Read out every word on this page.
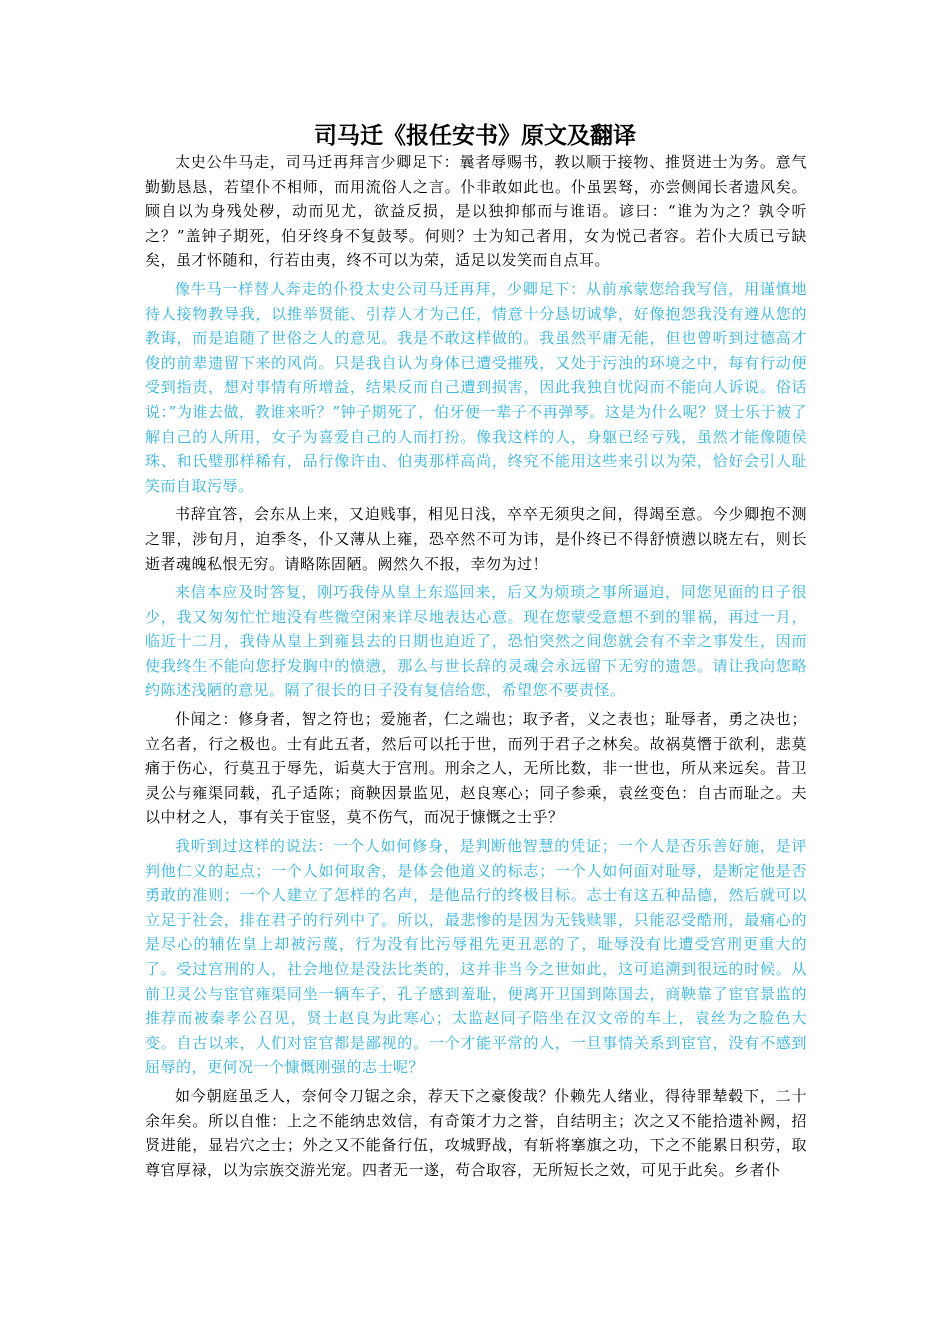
司马迁《报任安书》原文及翻译

太史公牛马走，司马迁再拜言少卿足下：曩者辱赐书，教以顺于接物、推贤进士为务。意气勤勤恳恳，若望仆不相师，而用流俗人之言。仆非敢如此也。仆虽罢驽，亦尝侧闻长者遗风矣。顾自以为身残处秽，动而见尤，欲益反损，是以独抑郁而与谁语。谚曰：“谁为为之？孰令听之？”盖钟子期死，伯牙终身不复鼓琴。何则？士为知己者用，女为悦己者容。若仆大质已亏缺矣，虽才怀随和，行若由夷，终不可以为荣，适足以发笑而自点耳。

像牛马一样替人奔走的仆役太史公司马迁再拜，少卿足下：从前承蒙您给我写信，用谨慎地待人接物教导我，以推举贤能、引荐人才为己任，情意十分恳切诚挚，好像抱怨我没有遵从您的教诲，而是追随了世俗之人的意见。我是不敢这样做的。我虽然平庸无能，但也曾听到过德高才俊的前辈遗留下来的风尚。只是我自认为身体已遭受摧残，又处于污浊的环境之中，每有行动便受到指责，想对事情有所增益，结果反而自己遭到损害，因此我独自忧闷而不能向人诉说。俗话说：”为谁去做，教谁来听？”钟子期死了，伯牙便一辈子不再弹琴。这是为什么呢？贤士乐于被了解自己的人所用，女子为喜爱自己的人而打扮。像我这样的人，身躯已经亏残，虽然才能像随侯珠、和氏璧那样稀有，品行像许由、伯夷那样高尚，终究不能用这些来引以为荣，恰好会引人耻笑而自取污辱。

书辞宜答，会东从上来，又迫贱事，相见日浅，卒卒无须臾之间，得竭至意。今少卿抱不测之罪，涉旬月，迫季冬，仆又薄从上雍，恐卒然不可为讳，是仆终已不得舒愤懑以晓左右，则长逝者魂魄私恨无穷。请略陈固陋。阙然久不报，幸勿为过！

来信本应及时答复，刚巧我侍从皇上东巡回来，后又为烦琐之事所逼迫，同您见面的日子很少，我又匆匆忙忙地没有些微空闲来详尽地表达心意。现在您蒙受意想不到的罪祸，再过一月，临近十二月，我侍从皇上到雍县去的日期也迫近了，恐怕突然之间您就会有不幸之事发生，因而使我终生不能向您抒发胸中的愤懑，那么与世长辞的灵魂会永远留下无穷的遗怨。请让我向您略约陈述浅陋的意见。隔了很长的日子没有复信给您，希望您不要责怪。

仆闻之：修身者，智之符也；爱施者，仁之端也；取予者，义之表也；耻辱者，勇之决也；立名者，行之极也。士有此五者，然后可以托于世，而列于君子之林矣。故祸莫憯于欲利，悲莫痛于伤心，行莫丑于辱先，诟莫大于宫刑。刑余之人，无所比数，非一世也，所从来远矣。昔卫灵公与雍渠同载，孔子适陈；商鞅因景监见，赵良寒心；同子参乘，袁丝变色：自古而耻之。夫以中材之人，事有关于宦竖，莫不伤气，而况于慷慨之士乎？

我听到过这样的说法：一个人如何修身，是判断他智慧的凭证；一个人是否乐善好施，是评判他仁义的起点；一个人如何取舍，是体会他道义的标志；一个人如何面对耻辱，是断定他是否勇敢的准则；一个人建立了怎样的名声，是他品行的终极目标。志士有这五种品德，然后就可以立足于社会，排在君子的行列中了。所以，最悲惨的是因为无钱赎罪，只能忍受酷刑，最痛心的是尽心的辅佐皇上却被污蔑，行为没有比污辱祖先更丑恶的了，耻辱没有比遭受宫刑更重大的了。受过宫刑的人，社会地位是没法比类的，这并非当今之世如此，这可追溯到很远的时候。从前卫灵公与宦官雍渠同坐一辆车子，孔子感到羞耻，便离开卫国到陈国去，商鞅靠了宦官景监的推荐而被秦孝公召见，贤士赵良为此寒心；太监赵同子陪坐在汉文帝的车上，袁丝为之脸色大变。自古以来，人们对宦官都是鄙视的。一个才能平常的人，一旦事情关系到宦官，没有不感到屈辱的，更何况一个慷慨刚强的志士呢？

如今朝庭虽乏人，奈何令刀锯之余，荐天下之豪俊哉？仆赖先人绪业，得待罪辇毂下，二十余年矣。所以自惟：上之不能纳忠效信，有奇策才力之誉，自结明主；次之又不能拾遗补阙，招贤进能，显岩穴之士；外之又不能备行伍，攻城野战，有斩将搴旗之功，下之不能累日积劳，取尊官厚禄，以为宗族交游光宠。四者无一遂，苟合取容，无所短长之效，可见于此矣。乡者仆
